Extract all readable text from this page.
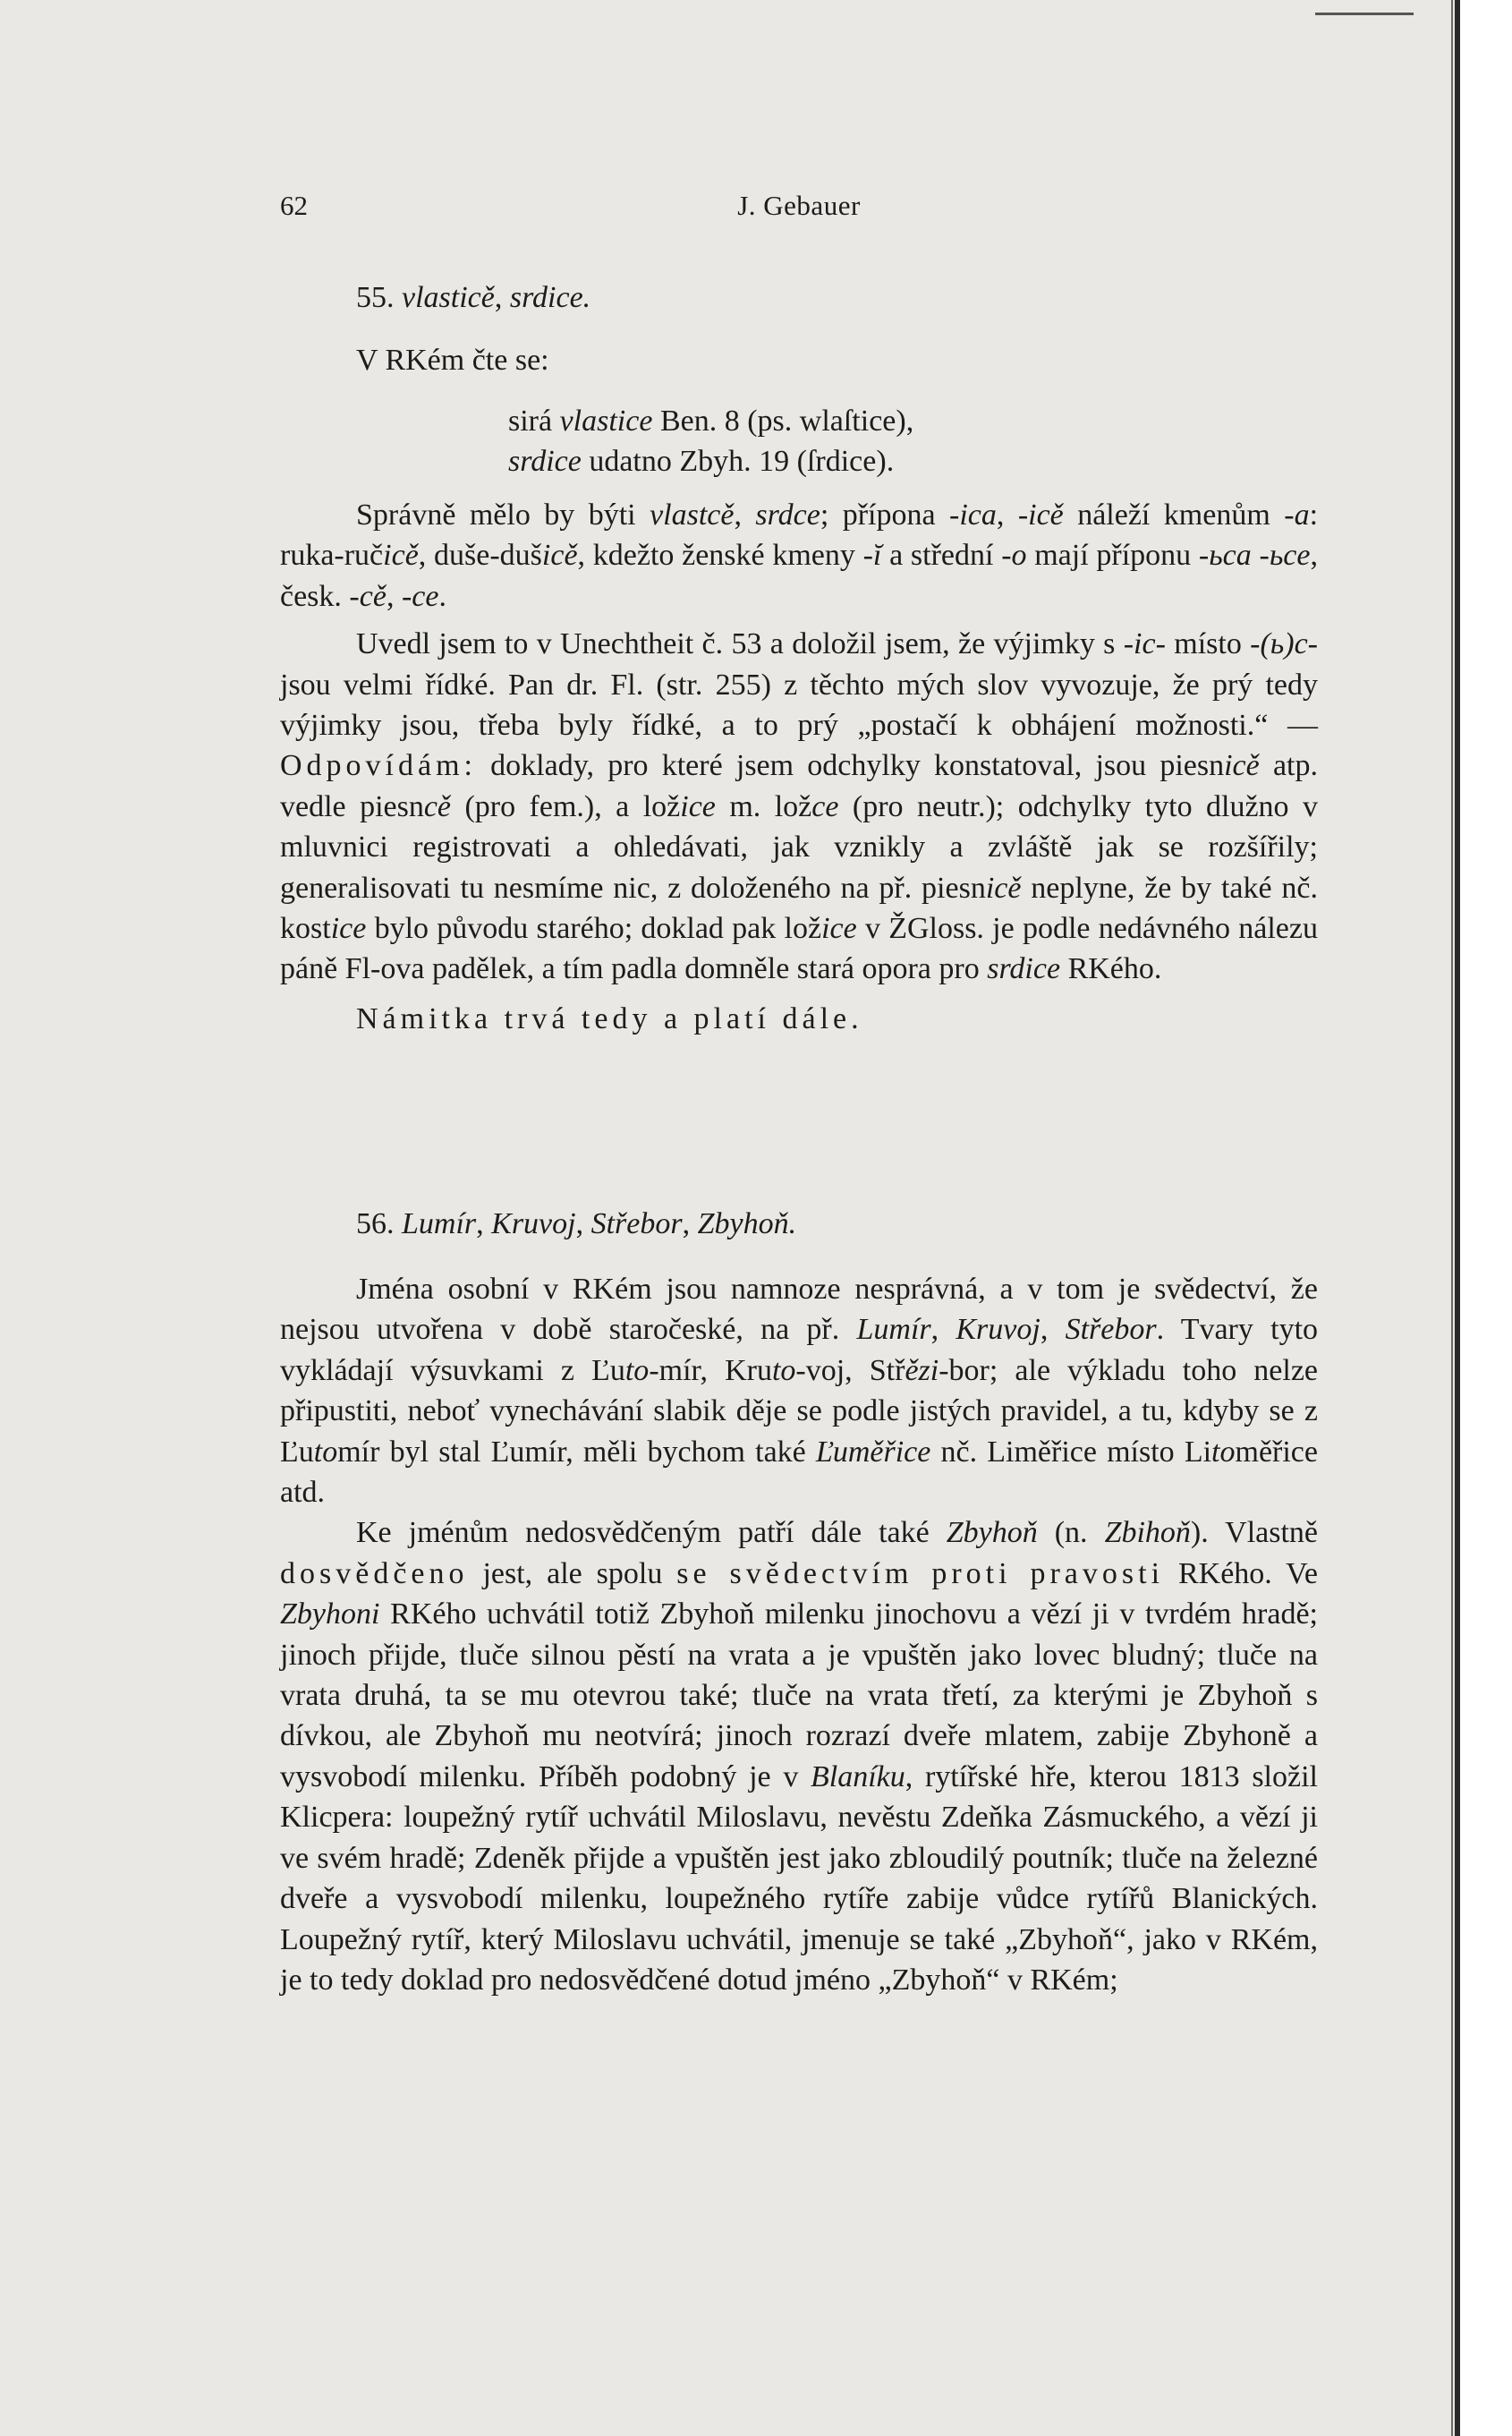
62	J. Gebauer

55. vlasticě, srdice.

V RKém čte se:

sirá vlastice Ben. 8 (ps. wlaſtice),

srdice udatno Zbyh. 19 (ſrdice).

Správně mělo by býti vlastcě, srdce; přípona -ica, -icě náleží kmenům -a: ruka-ručicě, duše-dušicě, kdežto ženské kmeny -ĭ a střední -o mají příponu -ьca -ьce, česk. -cě, -ce.

Uvedl jsem to v Unechtheit č. 53 a doložil jsem, že výjimky s -ic- místo -(ь)c- jsou velmi řídké. Pan dr. Fl. (str. 255) z těchto mých slov vyvozuje, že prý tedy výjimky jsou, třeba byly řídké, a to prý „postačí k obhájení možnosti.“ — Odpovídám: doklady, pro které jsem odchylky konstatoval, jsou piesnicě atp. vedle piesncě (pro fem.), a ložice m. ložce (pro neutr.); odchylky tyto dlužno v mluvnici registrovati a ohledávati, jak vznikly a zvláště jak se rozšířily; generalisovati tu nesmíme nic, z doloženého na př. piesnicě neplyne, že by také nč. kostice bylo původu starého; doklad pak ložice v ŽGloss. je podle nedávného nálezu páně Fl-ova padělek, a tím padla domněle stará opora pro srdice RKého.

Námitka trvá tedy a platí dále.

56. Lumír, Kruvoj, Střebor, Zbyhoň.

Jména osobní v RKém jsou namnoze nesprávná, a v tom je svědectví, že nejsou utvořena v době staročeské, na př. Lumír, Kruvoj, Střebor. Tvary tyto vykládají výsuvkami z Ľuto-mír, Kruto-voj, Střězi-bor; ale výkladu toho nelze připustiti, neboť vynechávání slabik děje se podle jistých pravidel, a tu, kdyby se z Ľutomír byl stal Ľumír, měli bychom také Ľuměřice nč. Liměřice místo Litoměřice atd.

Ke jménům nedosvědčeným patří dále také Zbyhoň (n. Zbihoň). Vlastně dosvědčeno jest, ale spolu se svědectvím proti pravosti RKého. Ve Zbyhoni RKého uchvátil totiž Zbyhoň milenku jinochovu a vězí ji v tvrdém hradě; jinoch přijde, tluče silnou pěstí na vrata a je vpuštěn jako lovec bludný; tluče na vrata druhá, ta se mu otevrou také; tluče na vrata třetí, za kterými je Zbyhoň s dívkou, ale Zbyhoň mu neotvírá; jinoch rozrazí dveře mlatem, zabije Zbyhoně a vysvobodí milenku. Příběh podobný je v Blaníku, rytířské hře, kterou 1813 složil Klicpera: loupežný rytíř uchvátil Miloslavu, nevěstu Zdeňka Zásmuckého, a vězí ji ve svém hradě; Zdeněk přijde a vpuštěn jest jako zbloudilý poutník; tluče na železné dveře a vysvobodí milenku, loupežného rytíře zabije vůdce rytířů Blanických. Loupežný rytíř, který Miloslavu uchvátil, jmenuje se také „Zbyhoň“, jako v RKém, je to tedy doklad pro nedosvědčené dotud jméno „Zbyhoň“ v RKém;
